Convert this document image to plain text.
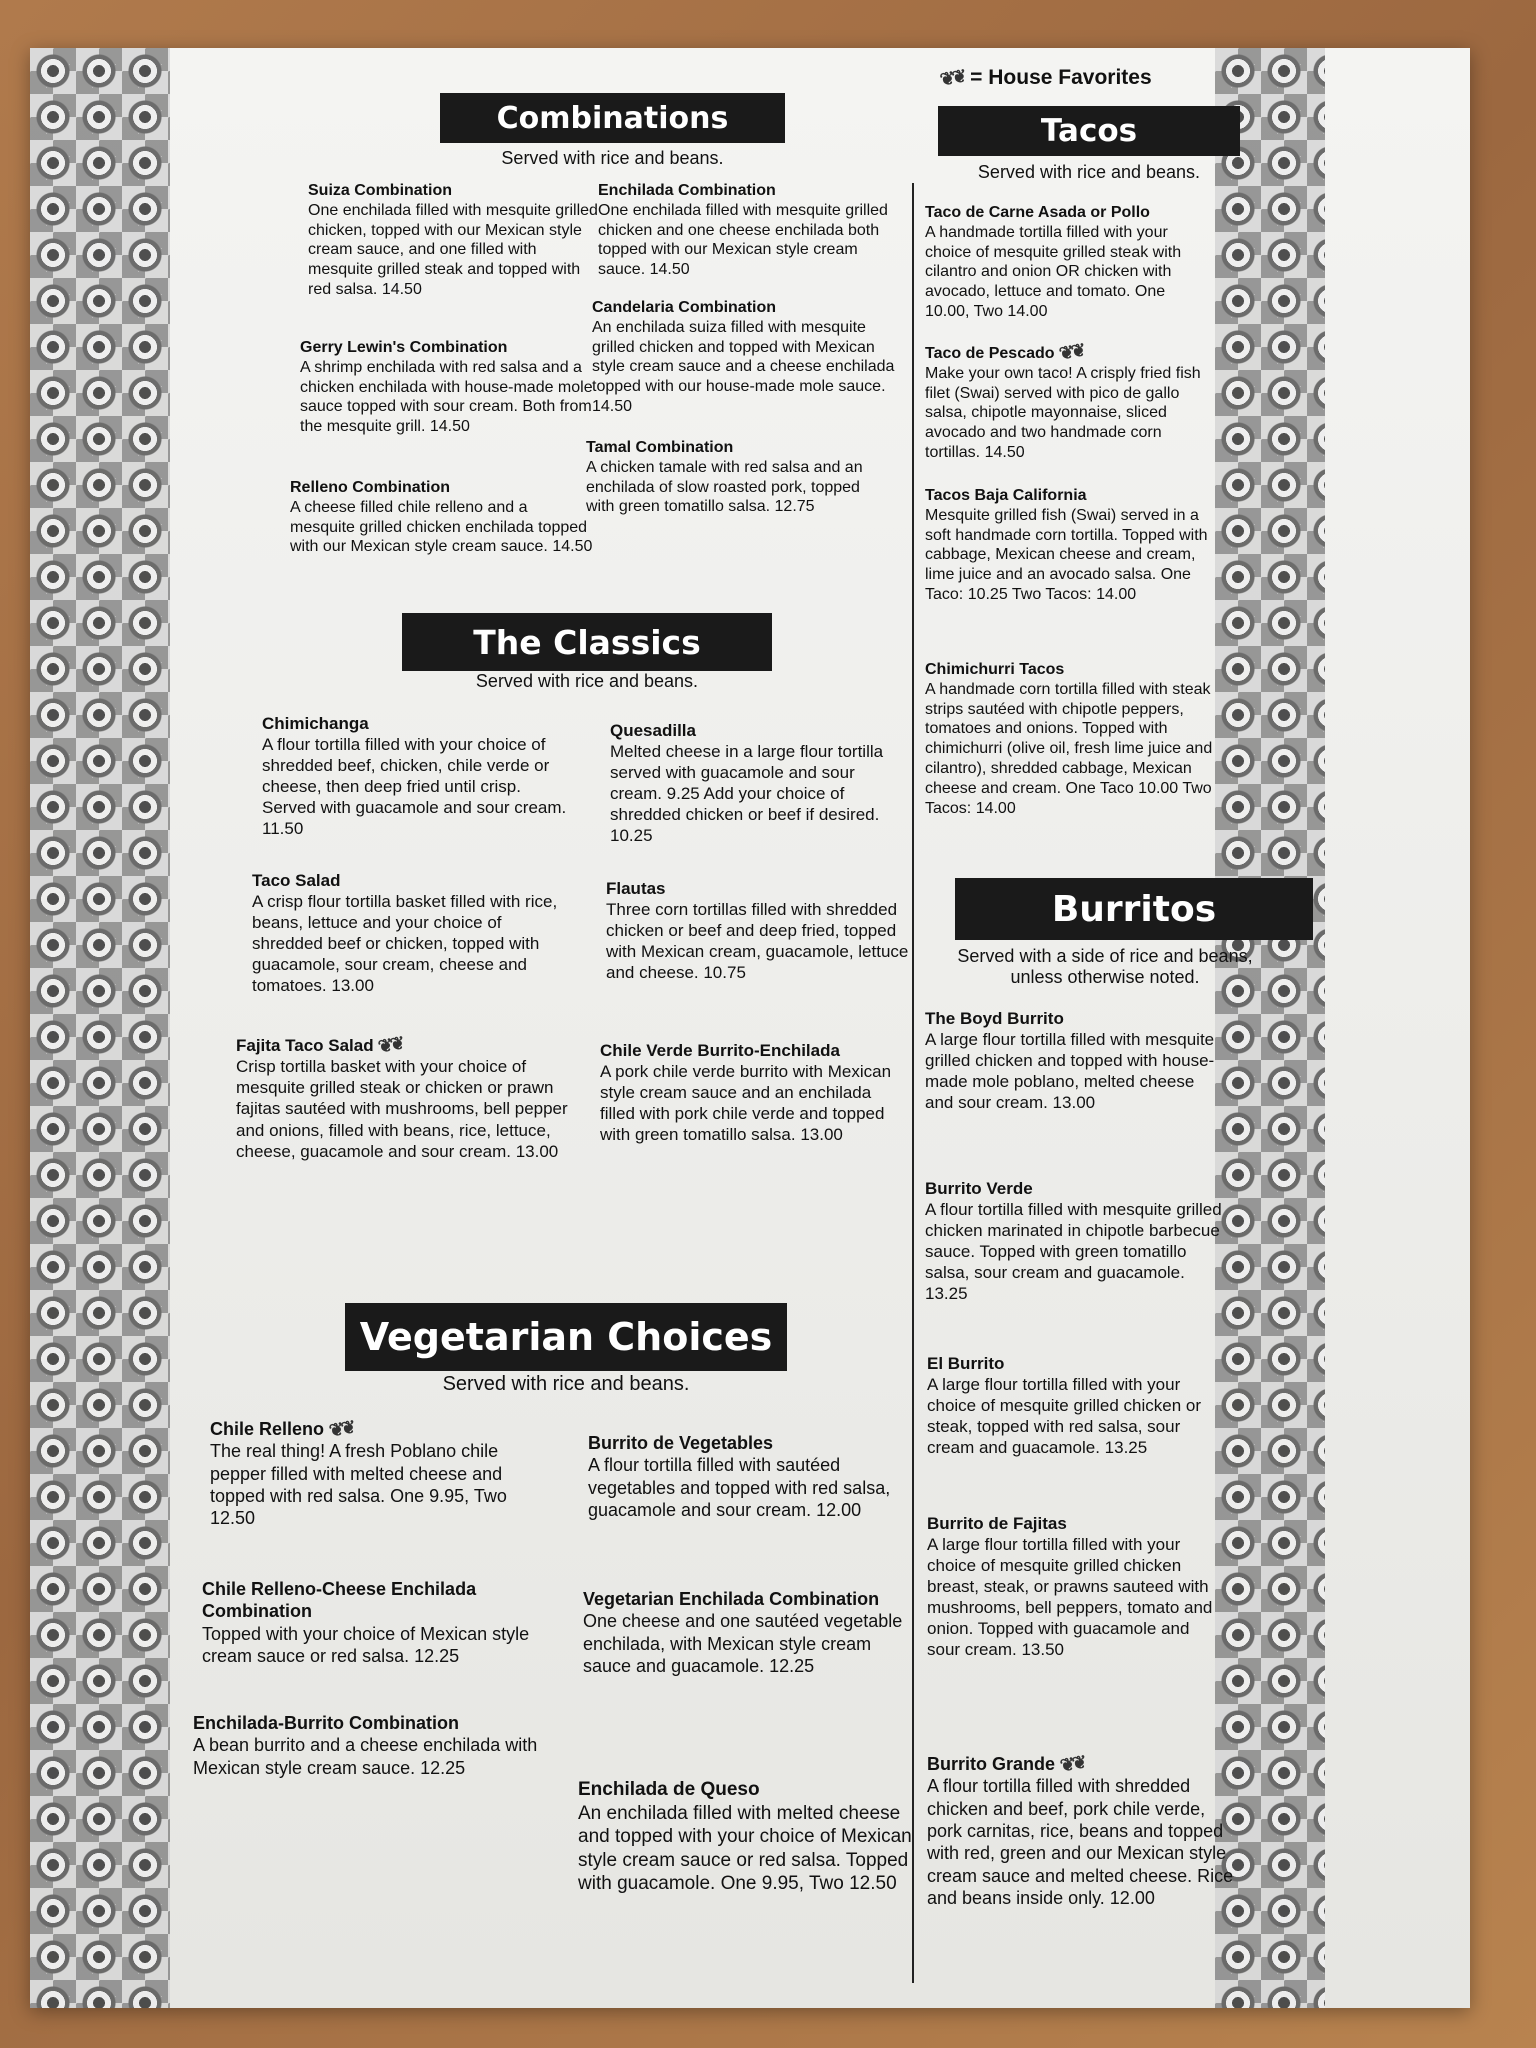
❦❦ = House Favorites
Combinations
Served with rice and beans.
Suiza Combination
One enchilada filled with mesquite grilled chicken, topped with our Mexican style cream sauce, and one filled with mesquite grilled steak and topped with red salsa. 14.50
Enchilada Combination
One enchilada filled with mesquite grilled chicken and one cheese enchilada both topped with our Mexican style cream sauce. 14.50
Gerry Lewin's Combination
A shrimp enchilada with red salsa and a chicken enchilada with house-made mole sauce topped with sour cream. Both from the mesquite grill. 14.50
Candelaria Combination
An enchilada suiza filled with mesquite grilled chicken and topped with Mexican style cream sauce and a cheese enchilada topped with our house-made mole sauce. 14.50
Relleno Combination
A cheese filled chile relleno and a mesquite grilled chicken enchilada topped with our Mexican style cream sauce. 14.50
Tamal Combination
A chicken tamale with red salsa and an enchilada of slow roasted pork, topped with green tomatillo salsa. 12.75
The Classics
Served with rice and beans.
Chimichanga
A flour tortilla filled with your choice of shredded beef, chicken, chile verde or cheese, then deep fried until crisp. Served with guacamole and sour cream. 11.50
Quesadilla
Melted cheese in a large flour tortilla served with guacamole and sour cream. 9.25 Add your choice of shredded chicken or beef if desired. 10.25
Taco Salad
A crisp flour tortilla basket filled with rice, beans, lettuce and your choice of shredded beef or chicken, topped with guacamole, sour cream, cheese and tomatoes. 13.00
Flautas
Three corn tortillas filled with shredded chicken or beef and deep fried, topped with Mexican cream, guacamole, lettuce and cheese. 10.75
Fajita Taco Salad ❦❦
Crisp tortilla basket with your choice of mesquite grilled steak or chicken or prawn fajitas sautéed with mushrooms, bell pepper and onions, filled with beans, rice, lettuce, cheese, guacamole and sour cream. 13.00
Chile Verde Burrito-Enchilada
A pork chile verde burrito with Mexican style cream sauce and an enchilada filled with pork chile verde and topped with green tomatillo salsa. 13.00
Vegetarian Choices
Served with rice and beans.
Chile Relleno ❦❦
The real thing! A fresh Poblano chile pepper filled with melted cheese and topped with red salsa. One 9.95, Two 12.50
Burrito de Vegetables
A flour tortilla filled with sautéed vegetables and topped with red salsa, guacamole and sour cream. 12.00
Chile Relleno-Cheese Enchilada Combination
Topped with your choice of Mexican style cream sauce or red salsa. 12.25
Vegetarian Enchilada Combination
One cheese and one sautéed vegetable enchilada, with Mexican style cream sauce and guacamole. 12.25
Enchilada-Burrito Combination
A bean burrito and a cheese enchilada with Mexican style cream sauce. 12.25
Enchilada de Queso
An enchilada filled with melted cheese and topped with your choice of Mexican style cream sauce or red salsa. Topped with guacamole. One 9.95, Two 12.50
Tacos
Served with rice and beans.
Taco de Carne Asada or Pollo
A handmade tortilla filled with your choice of mesquite grilled steak with cilantro and onion OR chicken with avocado, lettuce and tomato. One 10.00, Two 14.00
Taco de Pescado ❦❦
Make your own taco! A crisply fried fish filet (Swai) served with pico de gallo salsa, chipotle mayonnaise, sliced avocado and two handmade corn tortillas. 14.50
Tacos Baja California
Mesquite grilled fish (Swai) served in a soft handmade corn tortilla. Topped with cabbage, Mexican cheese and cream, lime juice and an avocado salsa. One Taco: 10.25 Two Tacos: 14.00
Chimichurri Tacos
A handmade corn tortilla filled with steak strips sautéed with chipotle peppers, tomatoes and onions. Topped with chimichurri (olive oil, fresh lime juice and cilantro), shredded cabbage, Mexican cheese and cream. One Taco 10.00 Two Tacos: 14.00
Burritos
Served with a side of rice and beans, unless otherwise noted.
The Boyd Burrito
A large flour tortilla filled with mesquite grilled chicken and topped with house-made mole poblano, melted cheese and sour cream. 13.00
Burrito Verde
A flour tortilla filled with mesquite grilled chicken marinated in chipotle barbecue sauce. Topped with green tomatillo salsa, sour cream and guacamole. 13.25
El Burrito
A large flour tortilla filled with your choice of mesquite grilled chicken or steak, topped with red salsa, sour cream and guacamole. 13.25
Burrito de Fajitas
A large flour tortilla filled with your choice of mesquite grilled chicken breast, steak, or prawns sauteed with mushrooms, bell peppers, tomato and onion. Topped with guacamole and sour cream. 13.50
Burrito Grande ❦❦
A flour tortilla filled with shredded chicken and beef, pork chile verde, pork carnitas, rice, beans and topped with red, green and our Mexican style cream sauce and melted cheese. Rice and beans inside only. 12.00
